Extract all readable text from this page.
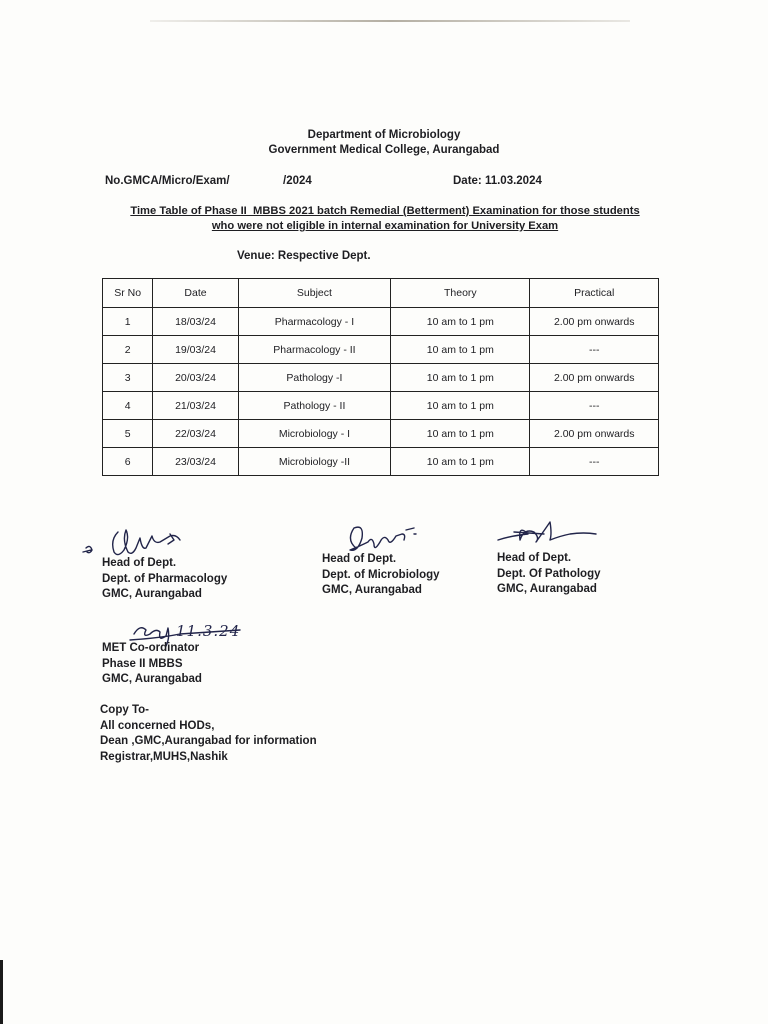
Department of Microbiology
Government Medical College, Aurangabad
No.GMCA/Micro/Exam/	/2024	Date: 11.03.2024
Time Table of Phase II  MBBS 2021 batch Remedial (Betterment) Examination for those students
who were not eligible in internal examination for University Exam
Venue: Respective Dept.
Sr No	Date	Subject	Theory	Practical
1	18/03/24	Pharmacology - I	10 am to 1 pm	2.00 pm onwards
2	19/03/24	Pharmacology - II	10 am to 1 pm	---
3	20/03/24	Pathology -I	10 am to 1 pm	2.00 pm onwards
4	21/03/24	Pathology - II	10 am to 1 pm	---
5	22/03/24	Microbiology - I	10 am to 1 pm	2.00 pm onwards
6	23/03/24	Microbiology -II	10 am to 1 pm	---
Head of Dept.
Dept. of Pharmacology
GMC, Aurangabad
Head of Dept.
Dept. of Microbiology
GMC, Aurangabad
Head of Dept.
Dept. Of Pathology
GMC, Aurangabad
11.3.24
MET Co-ordinator
Phase II MBBS
GMC, Aurangabad
Copy To-
All concerned HODs,
Dean ,GMC,Aurangabad for information
Registrar,MUHS,Nashik
